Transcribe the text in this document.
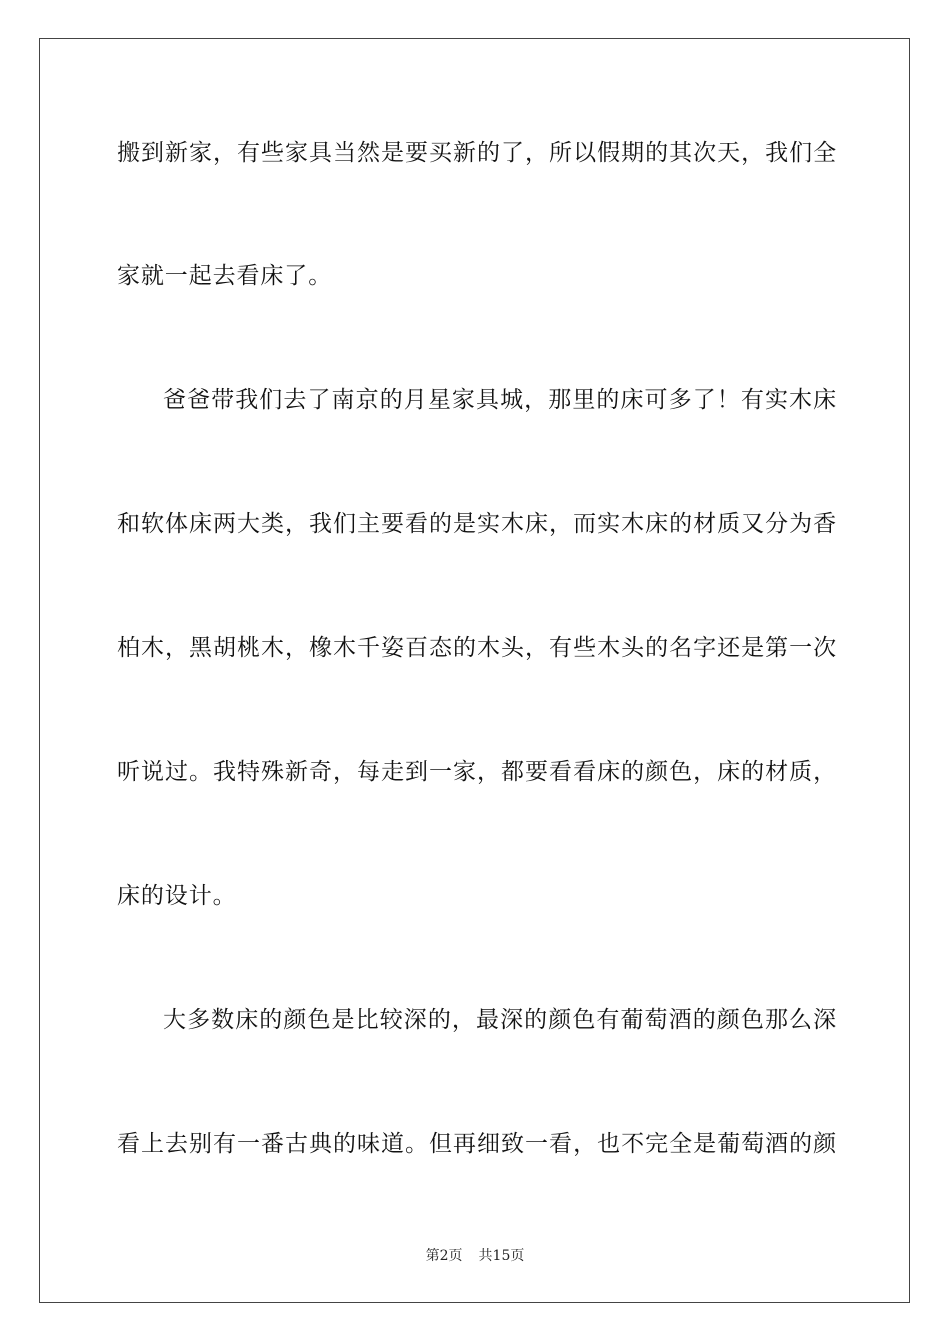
搬到新家，有些家具当然是要买新的了，所以假期的其次天，我们全
家就一起去看床了。
爸爸带我们去了南京的月星家具城，那里的床可多了！有实木床
和软体床两大类，我们主要看的是实木床，而实木床的材质又分为香
柏木，黑胡桃木，橡木千姿百态的木头，有些木头的名字还是第一次
听说过。我特殊新奇，每走到一家，都要看看床的颜色，床的材质，
床的设计。
大多数床的颜色是比较深的，最深的颜色有葡萄酒的颜色那么深
看上去别有一番古典的味道。但再细致一看，也不完全是葡萄酒的颜
第2页 共15页
